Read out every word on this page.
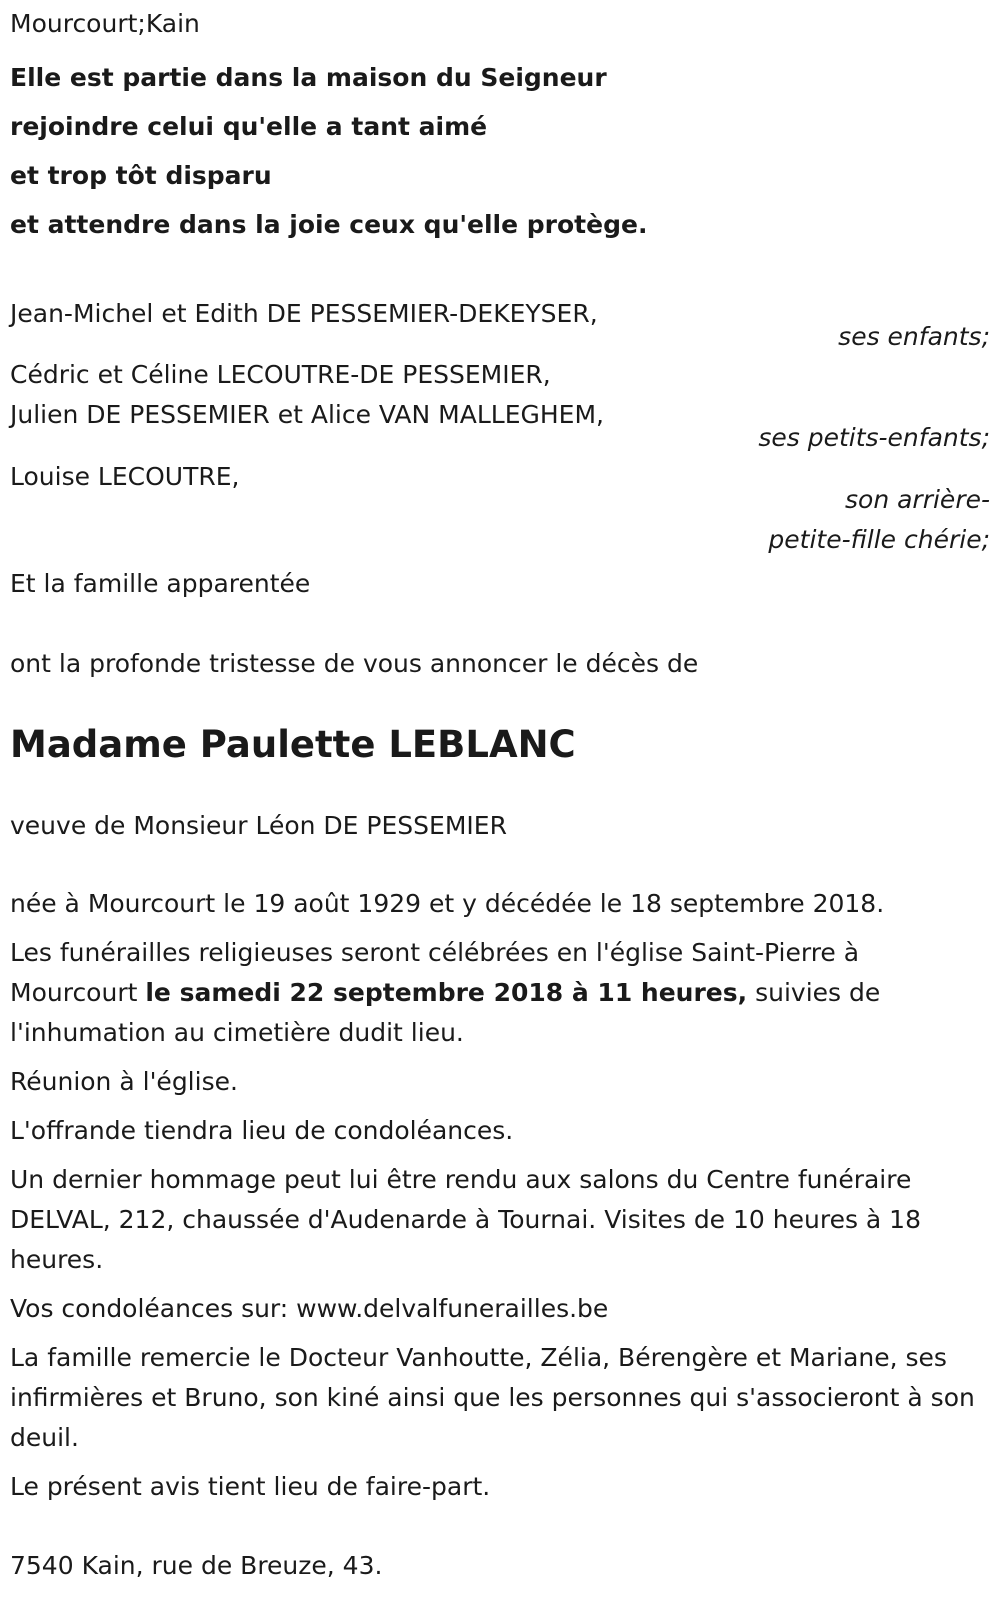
Mourcourt;Kain

Elle est partie dans la maison du Seigneur

rejoindre celui qu'elle a tant aimé

et trop tôt disparu

et attendre dans la joie ceux qu'elle protège.

Jean-Michel et Edith DE PESSEMIER-DEKEYSER,
ses enfants;
Cédric et Céline LECOUTRE-DE PESSEMIER,
Julien DE PESSEMIER et Alice VAN MALLEGHEM,
ses petits-enfants;
Louise LECOUTRE,
son arrière-
petite-fille chérie;

Et la famille apparentée

ont la profonde tristesse de vous annoncer le décès de

Madame Paulette LEBLANC

veuve de Monsieur Léon DE PESSEMIER

née à Mourcourt le 19 août 1929 et y décédée le 18 septembre 2018.

Les funérailles religieuses seront célébrées en l'église Saint-Pierre à Mourcourt le samedi 22 septembre 2018 à 11 heures, suivies de l'inhumation au cimetière dudit lieu.

Réunion à l'église.

L'offrande tiendra lieu de condoléances.

Un dernier hommage peut lui être rendu aux salons du Centre funéraire DELVAL, 212, chaussée d'Audenarde à Tournai. Visites de 10 heures à 18 heures.

Vos condoléances sur: www.delvalfunerailles.be

La famille remercie le Docteur Vanhoutte, Zélia, Bérengère et Mariane, ses infirmières et Bruno, son kiné ainsi que les personnes qui s'associeront à son deuil.

Le présent avis tient lieu de faire-part.

7540 Kain, rue de Breuze, 43.
